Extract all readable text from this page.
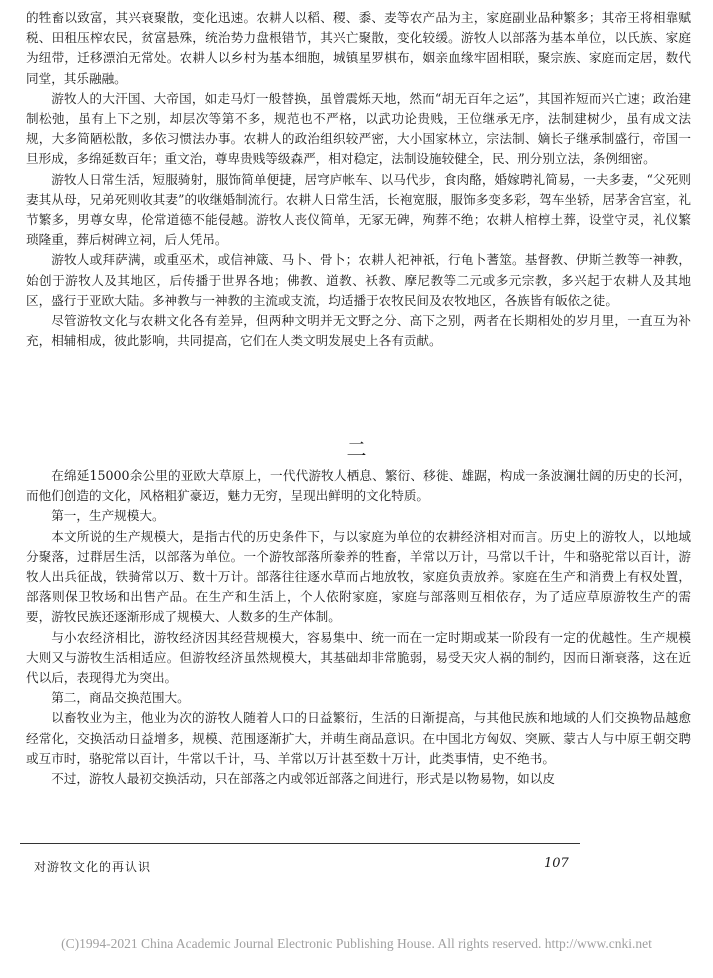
的牲畜以致富，其兴衰聚散，变化迅速。农耕人以稻、稷、黍、麦等农产品为主，家庭副业品种繁多；其帝王将相靠赋税、田租压榨农民，贫富悬殊，统治势力盘根错节，其兴亡聚散，变化较缓。游牧人以部落为基本单位，以氏族、家庭为纽带，迁移漂泊无常处。农耕人以乡村为基本细胞，城镇星罗棋布，姻亲血缘牢固相联，聚宗族、家庭而定居，数代同堂，其乐融融。

游牧人的大汗国、大帝国，如走马灯一般替换，虽曾震烁天地，然而“胡无百年之运”，其国祚短而兴亡速；政治建制松弛，虽有上下之别，却层次等第不多，规范也不严格，以武功论贵贱，王位继承无序，法制建树少，虽有成文法规，大多简陋松散，多依习惯法办事。农耕人的政治组织较严密，大小国家林立，宗法制、嫡长子继承制盛行，帝国一旦形成，多绵延数百年；重文治，尊卑贵贱等级森严，相对稳定，法制设施较健全，民、刑分别立法，条例细密。

游牧人日常生活，短服骑射，服饰简单便捷，居穹庐帐车、以马代步，食肉酪，婚嫁聘礼简易，一夫多妻，“父死则妻其从母，兄弟死则收其妻”的收继婚制流行。农耕人日常生活，长袍宽服，服饰多变多彩，驾车坐轿，居茅舍宫室，礼节繁多，男尊女卑，伦常道德不能侵越。游牧人丧仪简单，无冢无碑，殉葬不绝；农耕人棺椁土葬，设堂守灵，礼仪繁琐隆重，葬后树碑立祠，后人凭吊。

游牧人或拜萨满，或重巫术，或信神箴、马卜、骨卜；农耕人祀神祇，行龟卜蓍筮。基督教、伊斯兰教等一神教，始创于游牧人及其地区，后传播于世界各地；佛教、道教、袄教、摩尼教等二元或多元宗教，多兴起于农耕人及其地区，盛行于亚欧大陆。多神教与一神教的主流或支流，均适播于农牧民间及农牧地区，各族皆有皈依之徒。

尽管游牧文化与农耕文化各有差异，但两种文明并无文野之分、高下之别，两者在长期相处的岁月里，一直互为补充，相辅相成，彼此影响，共同提高，它们在人类文明发展史上各有贡献。

二

在绵延15000余公里的亚欧大草原上，一代代游牧人栖息、繁衍、移徙、雄踞，构成一条波澜壮阔的历史的长河，而他们创造的文化，风格粗犷豪迈，魅力无穷，呈现出鲜明的文化特质。

第一，生产规模大。

本文所说的生产规模大，是指古代的历史条件下，与以家庭为单位的农耕经济相对而言。历史上的游牧人，以地域分聚落，过群居生活，以部落为单位。一个游牧部落所豢养的牲畜，羊常以万计，马常以千计，牛和骆驼常以百计，游牧人出兵征战，铁骑常以万、数十万计。部落往往逐水草而占地放牧，家庭负责放养。家庭在生产和消费上有权处置，部落则保卫牧场和出售产品。在生产和生活上，个人依附家庭，家庭与部落则互相依存，为了适应草原游牧生产的需要，游牧民族还逐渐形成了规模大、人数多的生产体制。

与小农经济相比，游牧经济因其经营规模大，容易集中、统一而在一定时期或某一阶段有一定的优越性。生产规模大则又与游牧生活相适应。但游牧经济虽然规模大，其基础却非常脆弱，易受天灾人祸的制约，因而日渐衰落，这在近代以后，表现得尤为突出。

第二，商品交换范围大。

以畜牧业为主，他业为次的游牧人随着人口的日益繁衍，生活的日渐提高，与其他民族和地域的人们交换物品越愈经常化，交换活动日益增多，规模、范围逐渐扩大，并萌生商品意识。在中国北方匈奴、突厥、蒙古人与中原王朝交聘或互市时，骆驼常以百计，牛常以千计，马、羊常以万计甚至数十万计，此类事情，史不绝书。

不过，游牧人最初交换活动，只在部落之内或邻近部落之间进行，形式是以物易物，如以皮

对游牧文化的再认识	107
(C)1994-2021 China Academic Journal Electronic Publishing House. All rights reserved. http://www.cnki.net
